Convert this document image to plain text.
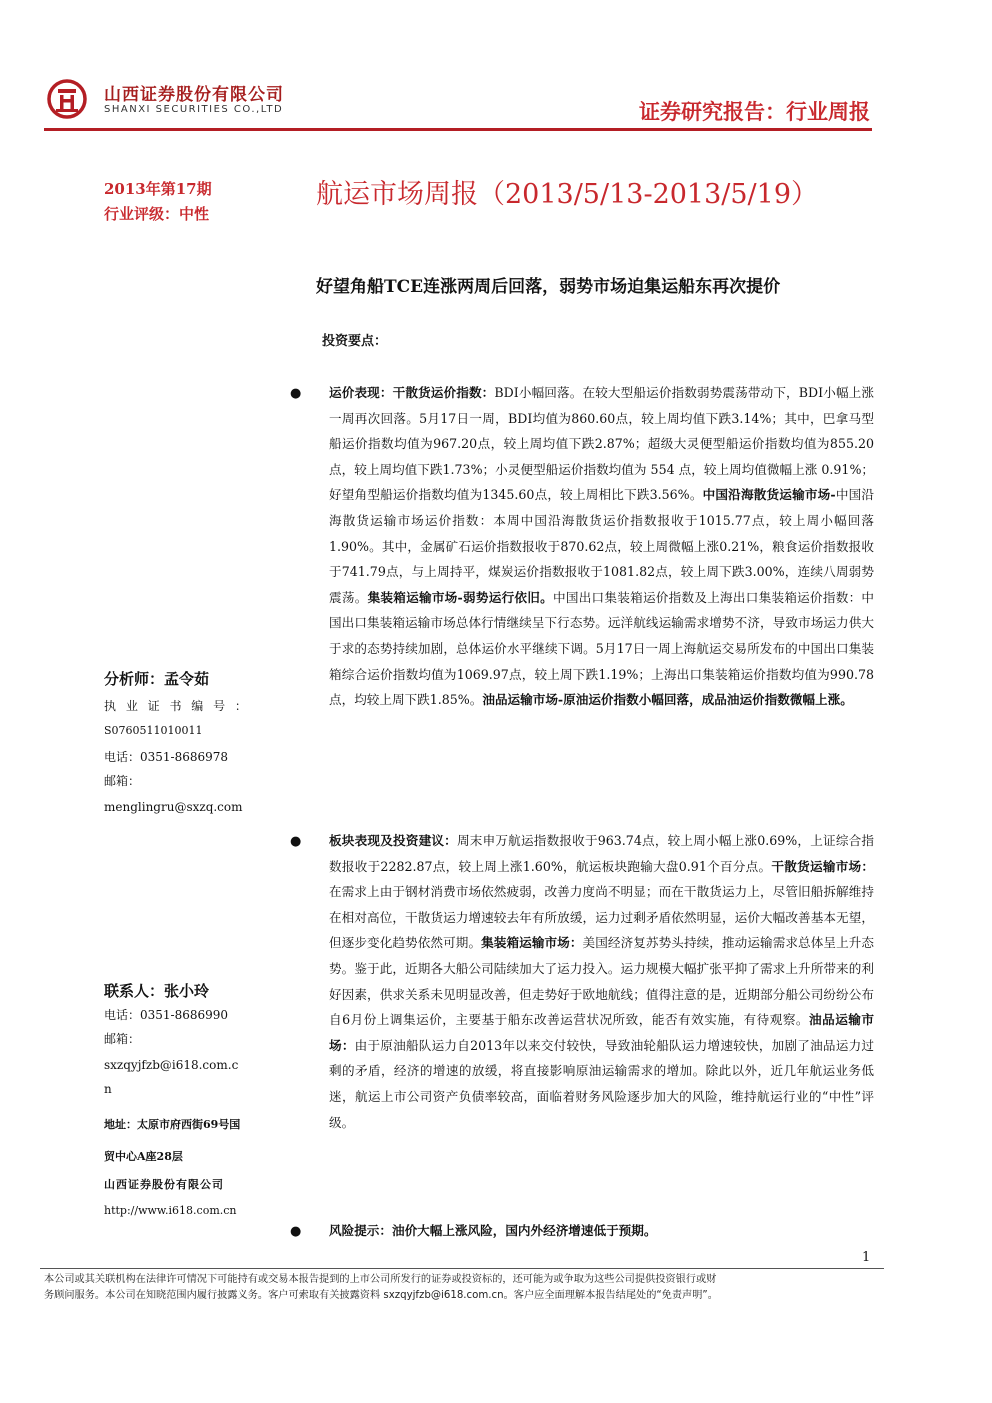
山西证券股份有限公司
SHANXI SECURITIES CO.,LTD	证券研究报告：行业周报
2013年第17期
行业评级：中性
航运市场周报（2013/5/13-2013/5/19）
好望角船TCE连涨两周后回落，弱势市场迫集运船东再次提价
投资要点：
● 运价表现：干散货运价指数：BDI小幅回落。在较大型船运价指数弱势震荡带动下，BDI小幅上涨一周再次回落。5月17日一周，BDI均值为860.60点，较上周均值下跌3.14%；其中，巴拿马型船运价指数均值为967.20点，较上周均值下跌2.87%；超级大灵便型船运价指数均值为855.20点，较上周均值下跌1.73%；小灵便型船运价指数均值为 554 点，较上周均值微幅上涨 0.91%；好望角型船运价指数均值为1345.60点，较上周相比下跌3.56%。中国沿海散货运输市场-中国沿海散货运输市场运价指数：本周中国沿海散货运价指数报收于1015.77点，较上周小幅回落1.90%。其中，金属矿石运价指数报收于870.62点，较上周微幅上涨0.21%，粮食运价指数报收于741.79点，与上周持平，煤炭运价指数报收于1081.82点，较上周下跌3.00%，连续八周弱势震荡。集装箱运输市场-弱势运行依旧。中国出口集装箱运价指数及上海出口集装箱运价指数：中国出口集装箱运输市场总体行情继续呈下行态势。远洋航线运输需求增势不济，导致市场运力供大于求的态势持续加剧，总体运价水平继续下调。5月17日一周上海航运交易所发布的中国出口集装箱综合运价指数均值为1069.97点，较上周下跌1.19%；上海出口集装箱运价指数均值为990.78点，均较上周下跌1.85%。油品运输市场-原油运价指数小幅回落，成品油运价指数微幅上涨。
● 板块表现及投资建议：周末申万航运指数报收于963.74点，较上周小幅上涨0.69%，上证综合指数报收于2282.87点，较上周上涨1.60%，航运板块跑输大盘0.91个百分点。干散货运输市场：在需求上由于钢材消费市场依然疲弱，改善力度尚不明显；而在干散货运力上，尽管旧船拆解维持在相对高位，干散货运力增速较去年有所放缓，运力过剩矛盾依然明显，运价大幅改善基本无望，但逐步变化趋势依然可期。集装箱运输市场：美国经济复苏势头持续，推动运输需求总体呈上升态势。鉴于此，近期各大船公司陆续加大了运力投入。运力规模大幅扩张平抑了需求上升所带来的利好因素，供求关系未见明显改善，但走势好于欧地航线；值得注意的是，近期部分船公司纷纷公布自6月份上调集运价，主要基于船东改善运营状况所致，能否有效实施，有待观察。油品运输市场：由于原油船队运力自2013年以来交付较快，导致油轮船队运力增速较快，加剧了油品运力过剩的矛盾，经济的增速的放缓，将直接影响原油运输需求的增加。除此以外，近几年航运业务低迷，航运上市公司资产负债率较高，面临着财务风险逐步加大的风险，维持航运行业的“中性”评级。
● 风险提示：油价大幅上涨风险，国内外经济增速低于预期。
分析师：孟令茹
执 业 证 书 编 号 ：
S0760511010011
电话：0351-8686978
邮箱：
menglingru@sxzq.com
联系人：张小玲
电话：0351-8686990
邮箱：
sxzqyjfzb@i618.com.c
n
地址：太原市府西街69号国
贸中心A座28层
山西证券股份有限公司
http://www.i618.com.cn
1
本公司或其关联机构在法律许可情况下可能持有或交易本报告提到的上市公司所发行的证券或投资标的，还可能为或争取为这些公司提供投资银行或财
务顾问服务。本公司在知晓范围内履行披露义务。客户可索取有关披露资料 sxzqyjfzb@i618.com.cn。客户应全面理解本报告结尾处的“免责声明”。
